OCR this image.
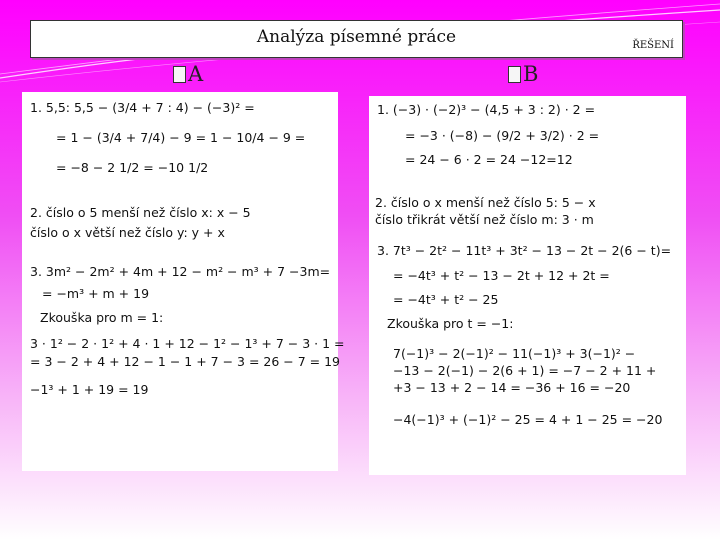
Analýza písemné práce	ŘEŠENÍ
A	B
1. 5,5: 5,5 − (3/4 + 7 : 4) − (−3)² =
= 1 − (3/4 + 7/4) − 9 = 1 − 10/4 − 9 =
= −8 − 2 1/2 = −10 1/2
2. číslo o 5 menší než číslo x: x − 5
číslo o x větší než číslo y: y + x
3. 3m² − 2m² + 4m + 12 − m² − m³ + 7 −3m=
= −m³ + m + 19
Zkouška pro m = 1:
3 · 1² − 2 · 1² + 4 · 1 + 12 − 1² − 1³ + 7 − 3 · 1 =
= 3 − 2 + 4 + 12 − 1 − 1 + 7 − 3 = 26 − 7 = 19
−1³ + 1 + 19 = 19
1. (−3) · (−2)³ − (4,5 + 3 : 2) · 2 =
= −3 · (−8) − (9/2 + 3/2) · 2 =
= 24 − 6 · 2 = 24 −12=12
2. číslo o x menší než číslo 5: 5 − x
číslo třikrát větší než číslo m: 3 · m
3. 7t³ − 2t² − 11t³ + 3t² − 13 − 2t − 2(6 − t)=
= −4t³ + t² − 13 − 2t + 12 + 2t =
= −4t³ + t² − 25
Zkouška pro t = −1:
7(−1)³ − 2(−1)² − 11(−1)³ + 3(−1)² −
−13 − 2(−1) − 2(6 + 1) = −7 − 2 + 11 +
+3 − 13 + 2 − 14 = −36 + 16 = −20
−4(−1)³ + (−1)² − 25 = 4 + 1 − 25 = −20
